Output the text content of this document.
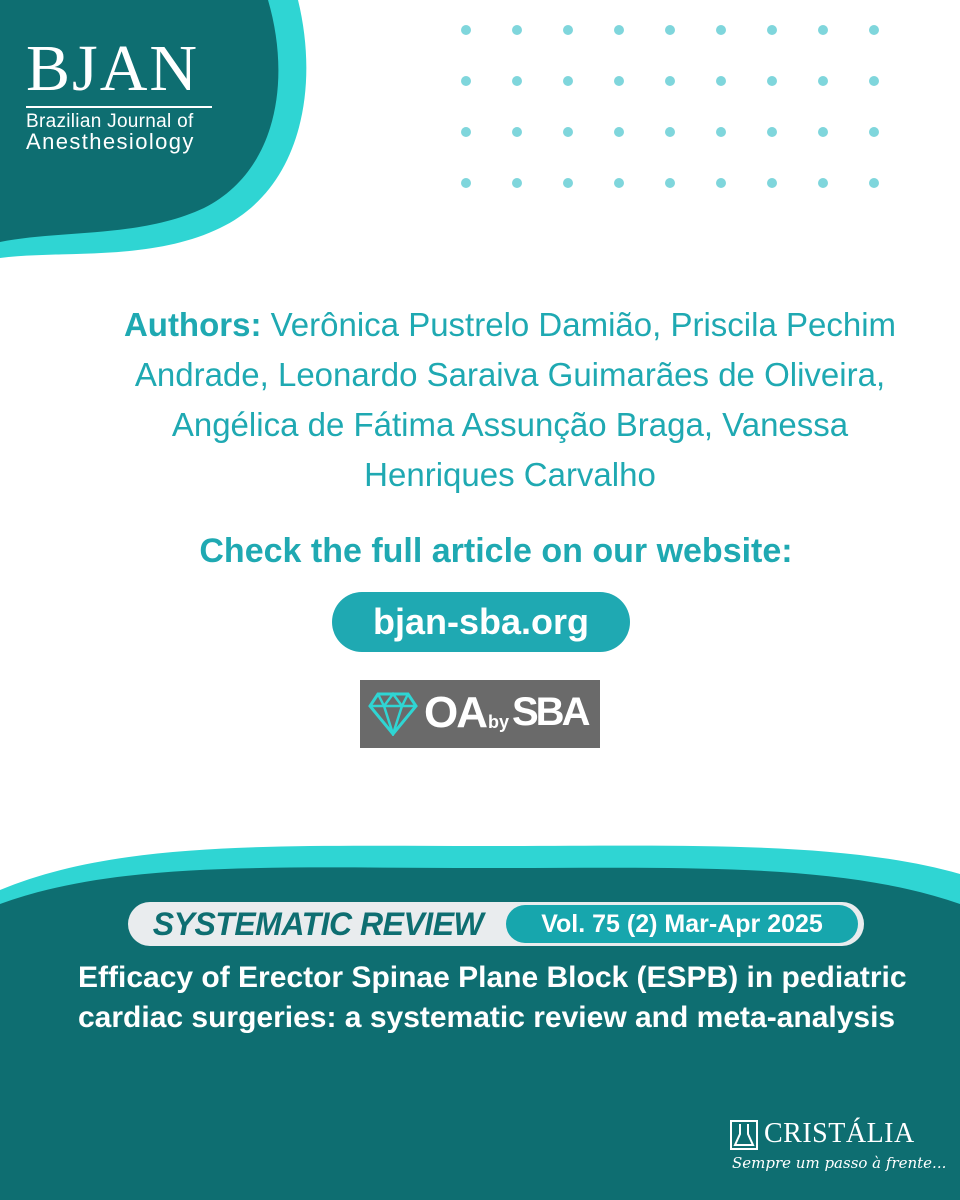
BJAN
Brazilian Journal of
Anesthesiology
Authors: Verônica Pustrelo Damião, Priscila Pechim Andrade, Leonardo Saraiva Guimarães de Oliveira, Angélica de Fátima Assunção Braga, Vanessa Henriques Carvalho
Check the full article on our website:
bjan-sba.org
OA by SBA
SYSTEMATIC REVIEW	Vol. 75 (2) Mar-Apr 2025
Efficacy of Erector Spinae Plane Block (ESPB) in pediatric cardiac surgeries: a systematic review and meta-analysis
CRISTÁLIA
Sempre um passo à frente...
